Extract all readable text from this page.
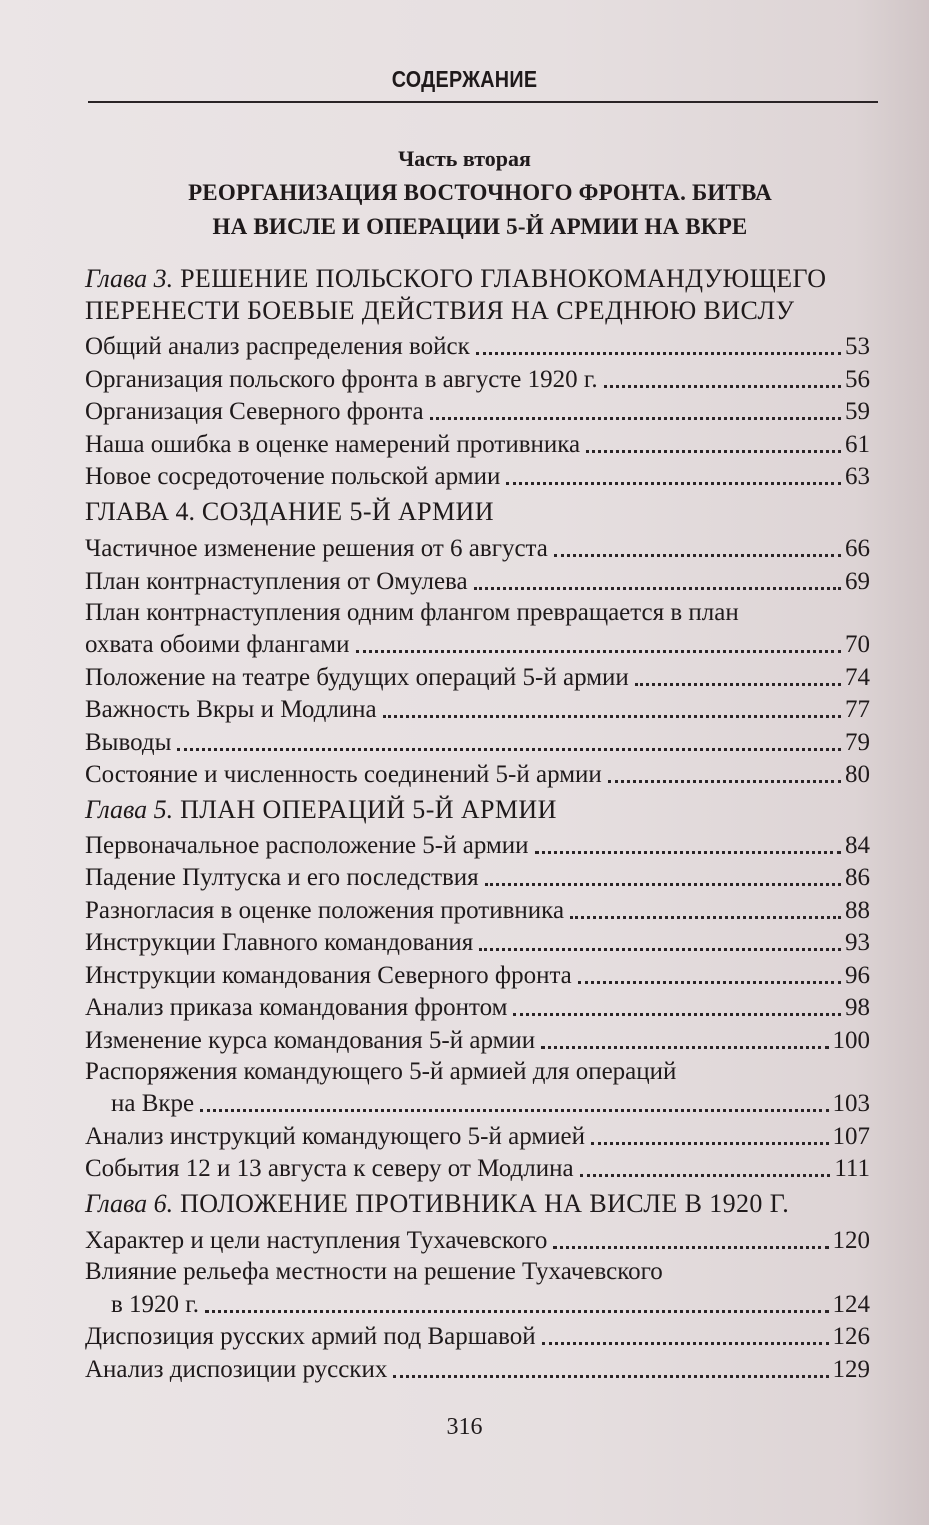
СОДЕРЖАНИЕ
Часть вторая
РЕОРГАНИЗАЦИЯ ВОСТОЧНОГО ФРОНТА. БИТВА
НА ВИСЛЕ И ОПЕРАЦИИ 5-Й АРМИИ НА ВКРЕ
Глава 3. РЕШЕНИЕ ПОЛЬСКОГО ГЛАВНОКОМАНДУЮЩЕГО
ПЕРЕНЕСТИ БОЕВЫЕ ДЕЙСТВИЯ НА СРЕДНЮЮ ВИСЛУ
Общий анализ распределения войск	53
Организация польского фронта в августе 1920 г.	56
Организация Северного фронта	59
Наша ошибка в оценке намерений противника	61
Новое сосредоточение польской армии	63
ГЛАВА 4. СОЗДАНИЕ 5-Й АРМИИ
Частичное изменение решения от 6 августа	66
План контрнаступления от Омулева	69
План контрнаступления одним флангом превращается в план
охвата обоими флангами	70
Положение на театре будущих операций 5-й армии	74
Важность Вкры и Модлина	77
Выводы	79
Состояние и численность соединений 5-й армии	80
Глава 5. ПЛАН ОПЕРАЦИЙ 5-Й АРМИИ
Первоначальное расположение 5-й армии	84
Падение Пултуска и его последствия	86
Разногласия в оценке положения противника	88
Инструкции Главного командования	93
Инструкции командования Северного фронта	96
Анализ приказа командования фронтом	98
Изменение курса командования 5-й армии	100
Распоряжения командующего 5-й армией для операций
на Вкре	103
Анализ инструкций командующего 5-й армией	107
События 12 и 13 августа к северу от Модлина	111
Глава 6. ПОЛОЖЕНИЕ ПРОТИВНИКА НА ВИСЛЕ В 1920 Г.
Характер и цели наступления Тухачевского	120
Влияние рельефа местности на решение Тухачевского
в 1920 г.	124
Диспозиция русских армий под Варшавой	126
Анализ диспозиции русских	129
316
